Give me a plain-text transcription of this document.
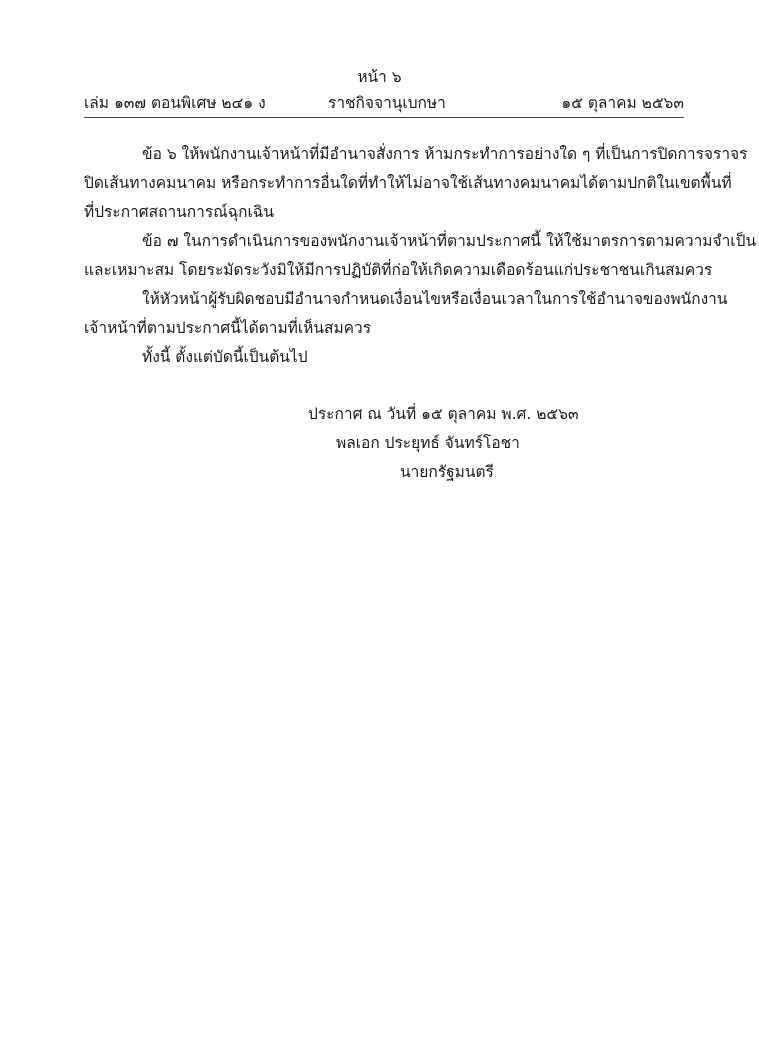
หน้า ๖
เล่ม ๑๓๗ ตอนพิเศษ ๒๔๑ ง	ราชกิจจานุเบกษา	๑๕ ตุลาคม ๒๕๖๓
ข้อ ๖ ให้พนักงานเจ้าหน้าที่มีอำนาจสั่งการ ห้ามกระทำการอย่างใด ๆ ที่เป็นการปิดการจราจร
ปิดเส้นทางคมนาคม หรือกระทำการอื่นใดที่ทำให้ไม่อาจใช้เส้นทางคมนาคมได้ตามปกติในเขตพื้นที่
ที่ประกาศสถานการณ์ฉุกเฉิน
ข้อ ๗ ในการดำเนินการของพนักงานเจ้าหน้าที่ตามประกาศนี้ ให้ใช้มาตรการตามความจำเป็น
และเหมาะสม โดยระมัดระวังมิให้มีการปฏิบัติที่ก่อให้เกิดความเดือดร้อนแก่ประชาชนเกินสมควร
ให้หัวหน้าผู้รับผิดชอบมีอำนาจกำหนดเงื่อนไขหรือเงื่อนเวลาในการใช้อำนาจของพนักงาน
เจ้าหน้าที่ตามประกาศนี้ได้ตามที่เห็นสมควร
ทั้งนี้ ตั้งแต่บัดนี้เป็นต้นไป
ประกาศ ณ วันที่ ๑๕ ตุลาคม พ.ศ. ๒๕๖๓
พลเอก ประยุทธ์ จันทร์โอชา
นายกรัฐมนตรี
